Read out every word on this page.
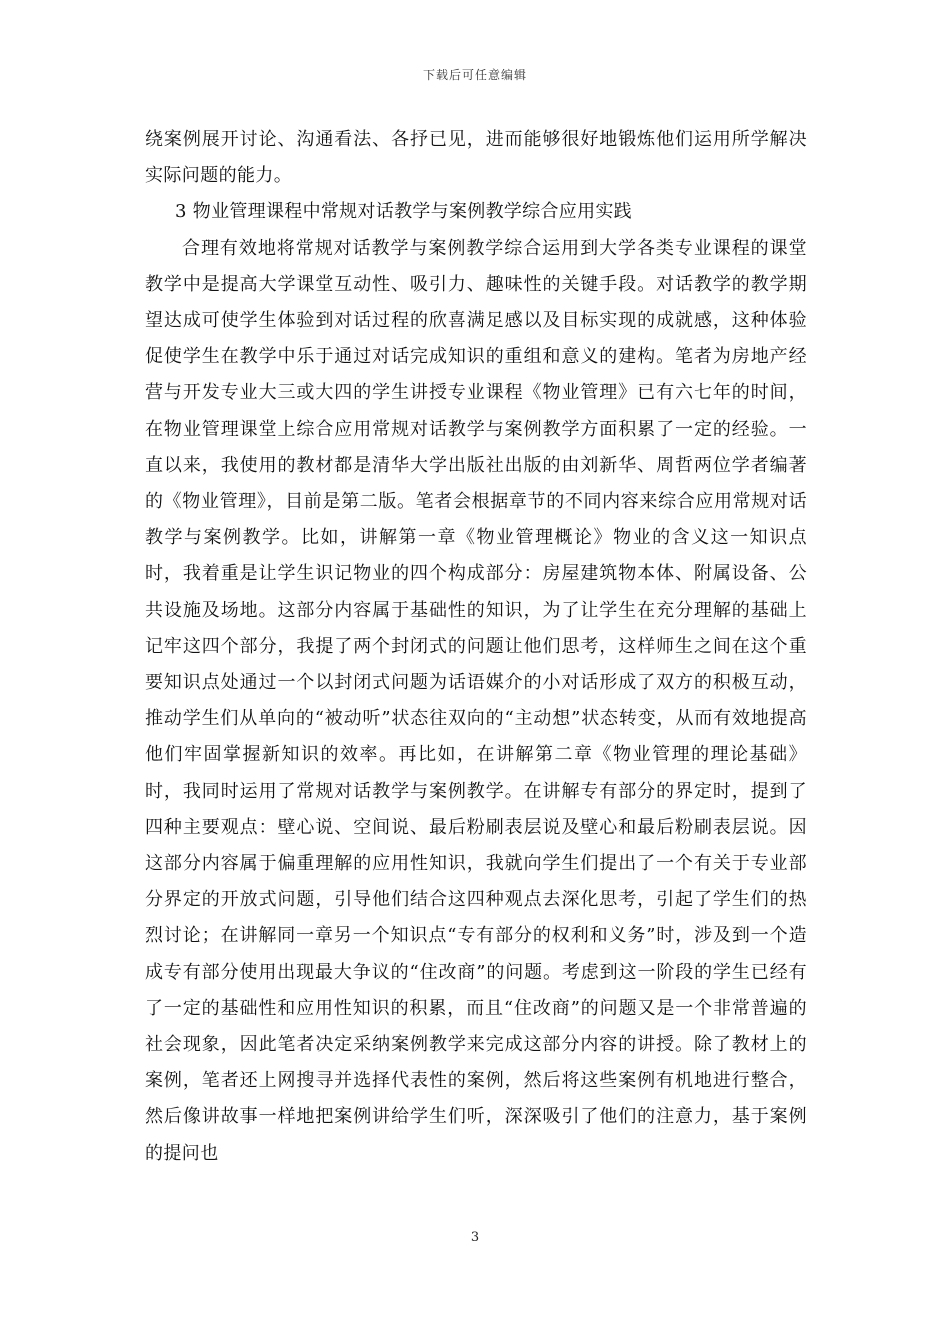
下载后可任意编辑

绕案例展开讨论、沟通看法、各抒已见，进而能够很好地锻炼他们运用所学解决实际问题的能力。

3 物业管理课程中常规对话教学与案例教学综合应用实践

合理有效地将常规对话教学与案例教学综合运用到大学各类专业课程的课堂教学中是提高大学课堂互动性、吸引力、趣味性的关键手段。对话教学的教学期望达成可使学生体验到对话过程的欣喜满足感以及目标实现的成就感，这种体验促使学生在教学中乐于通过对话完成知识的重组和意义的建构。笔者为房地产经营与开发专业大三或大四的学生讲授专业课程《物业管理》已有六七年的时间，在物业管理课堂上综合应用常规对话教学与案例教学方面积累了一定的经验。一直以来，我使用的教材都是清华大学出版社出版的由刘新华、周哲两位学者编著的《物业管理》，目前是第二版。笔者会根据章节的不同内容来综合应用常规对话教学与案例教学。比如，讲解第一章《物业管理概论》物业的含义这一知识点时，我着重是让学生识记物业的四个构成部分：房屋建筑物本体、附属设备、公共设施及场地。这部分内容属于基础性的知识，为了让学生在充分理解的基础上记牢这四个部分，我提了两个封闭式的问题让他们思考，这样师生之间在这个重要知识点处通过一个以封闭式问题为话语媒介的小对话形成了双方的积极互动，推动学生们从单向的“被动听”状态往双向的“主动想”状态转变，从而有效地提高他们牢固掌握新知识的效率。再比如，在讲解第二章《物业管理的理论基础》时，我同时运用了常规对话教学与案例教学。在讲解专有部分的界定时，提到了四种主要观点：壁心说、空间说、最后粉刷表层说及壁心和最后粉刷表层说。因这部分内容属于偏重理解的应用性知识，我就向学生们提出了一个有关于专业部分界定的开放式问题，引导他们结合这四种观点去深化思考，引起了学生们的热烈讨论；在讲解同一章另一个知识点“专有部分的权利和义务”时，涉及到一个造成专有部分使用出现最大争议的“住改商”的问题。考虑到这一阶段的学生已经有了一定的基础性和应用性知识的积累，而且“住改商”的问题又是一个非常普遍的社会现象，因此笔者决定采纳案例教学来完成这部分内容的讲授。除了教材上的案例，笔者还上网搜寻并选择代表性的案例，然后将这些案例有机地进行整合，然后像讲故事一样地把案例讲给学生们听，深深吸引了他们的注意力，基于案例的提问也

3
